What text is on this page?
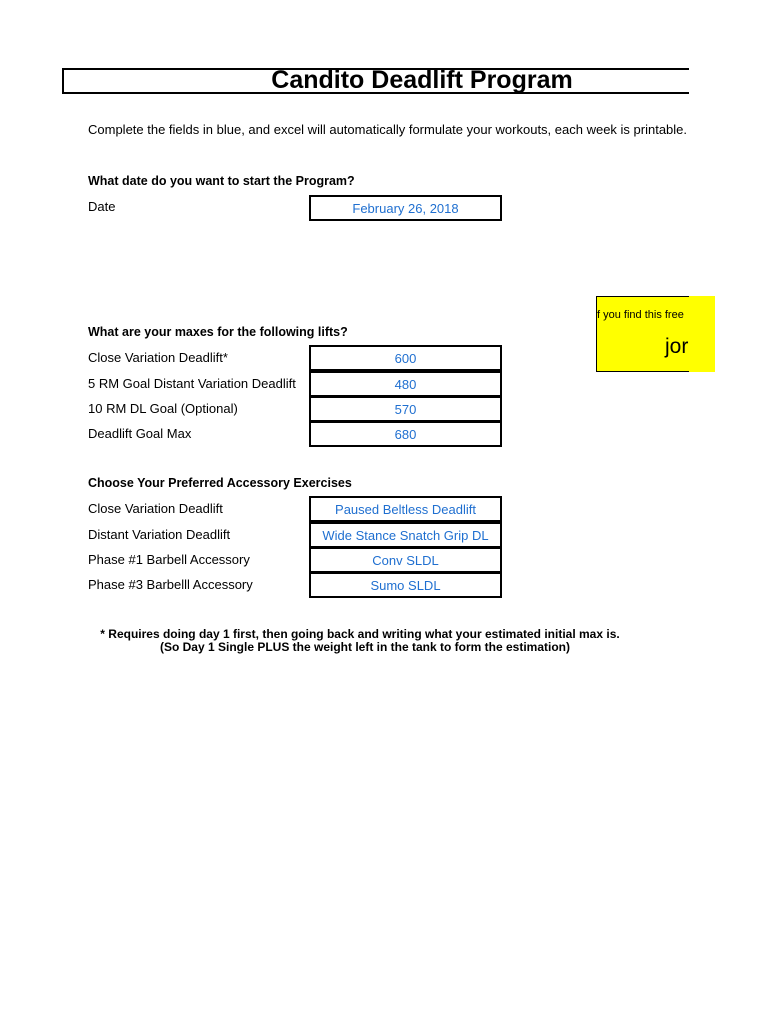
Candito Deadlift Program
Complete the fields in blue, and excel will automatically formulate your workouts, each week is printable.
What date do you want to start the Program?
Date	February 26, 2018
f you find this free
jor
What are your maxes for the following lifts?
Close Variation Deadlift*	600
5 RM Goal Distant Variation Deadlift	480
10 RM DL Goal (Optional)	570
Deadlift Goal Max	680
Choose Your Preferred Accessory Exercises
Close Variation Deadlift	Paused Beltless Deadlift
Distant Variation Deadlift	Wide Stance Snatch Grip DL
Phase #1 Barbell Accessory	Conv SLDL
Phase #3 Barbelll Accessory	Sumo SLDL
* Requires doing day 1 first, then going back and writing what your estimated initial max is.
(So Day 1 Single PLUS the weight left in the tank to form the estimation)
